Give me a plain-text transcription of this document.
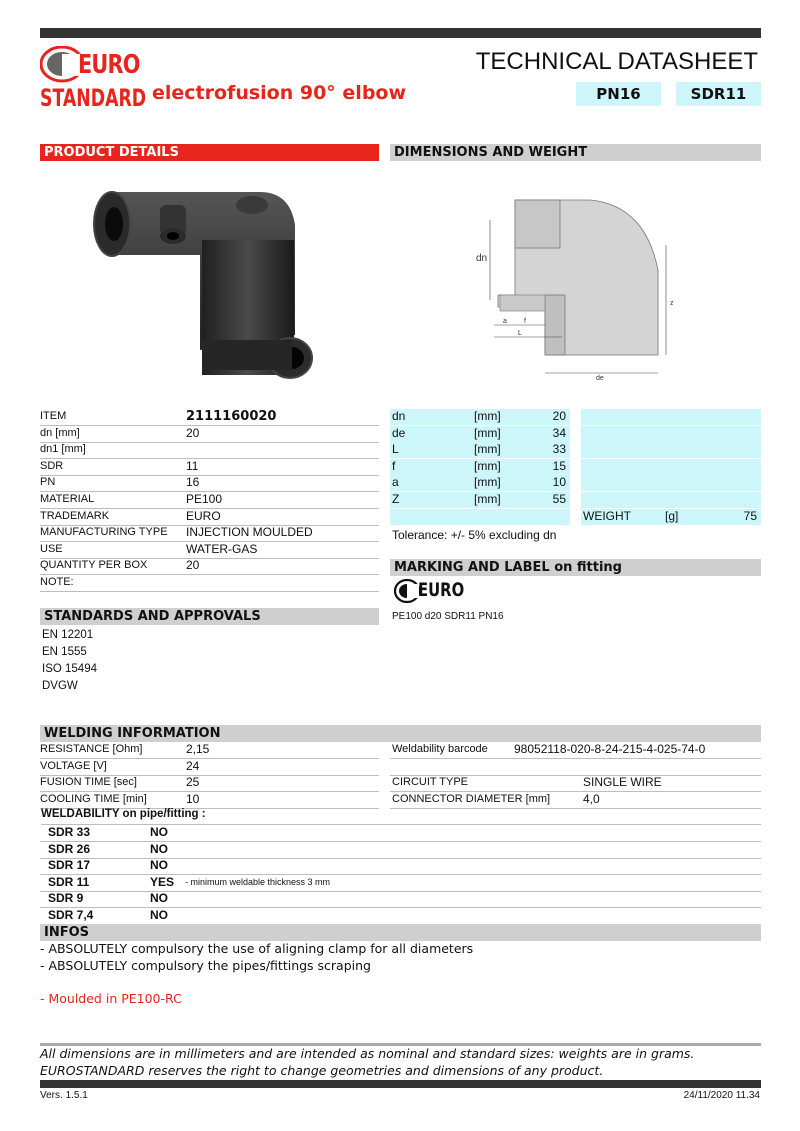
EURO
STANDARD electrofusion 90° elbow
TECHNICAL DATASHEET
PN16	SDR11
PRODUCT DETAILS	DIMENSIONS AND WEIGHT
dn
a f
L
z
de
ITEM	2111160020
dn [mm]	20
dn1 [mm]
SDR	11
PN	16
MATERIAL	PE100
TRADEMARK	EURO
MANUFACTURING TYPE INJECTION MOULDED
USE	WATER-GAS
QUANTITY PER BOX	20
NOTE:
dn	[mm]	20
de	[mm]	34
L	[mm]	33
f	[mm]	15
a	[mm]	10
Z	[mm]	55
WEIGHT	[g]	75
Tolerance: +/- 5% excluding dn
MARKING AND LABEL on fitting
EURO
PE100 d20 SDR11 PN16
STANDARDS AND APPROVALS
EN 12201
EN 1555
ISO 15494
DVGW
WELDING INFORMATION
RESISTANCE [Ohm]	2,15
VOLTAGE [V]	24
FUSION TIME [sec]	25
COOLING TIME [min]	10
Weldability barcode 98052118-020-8-24-215-4-025-74-0
CIRCUIT TYPE	SINGLE WIRE
CONNECTOR DIAMETER [mm]	4,0
WELDABILITY on pipe/fitting :
SDR 33	NO
SDR 26	NO
SDR 17	NO
SDR 11	YES - minimum weldable thickness 3 mm
SDR 9	NO
SDR 7,4	NO
INFOS
- ABSOLUTELY compulsory the use of aligning clamp for all diameters
- ABSOLUTELY compulsory the pipes/fittings scraping
- Moulded in PE100-RC
All dimensions are in millimeters and are intended as nominal and standard sizes: weights are in grams.
EUROSTANDARD reserves the right to change geometries and dimensions of any product.
Vers. 1.5.1	24/11/2020 11.34
